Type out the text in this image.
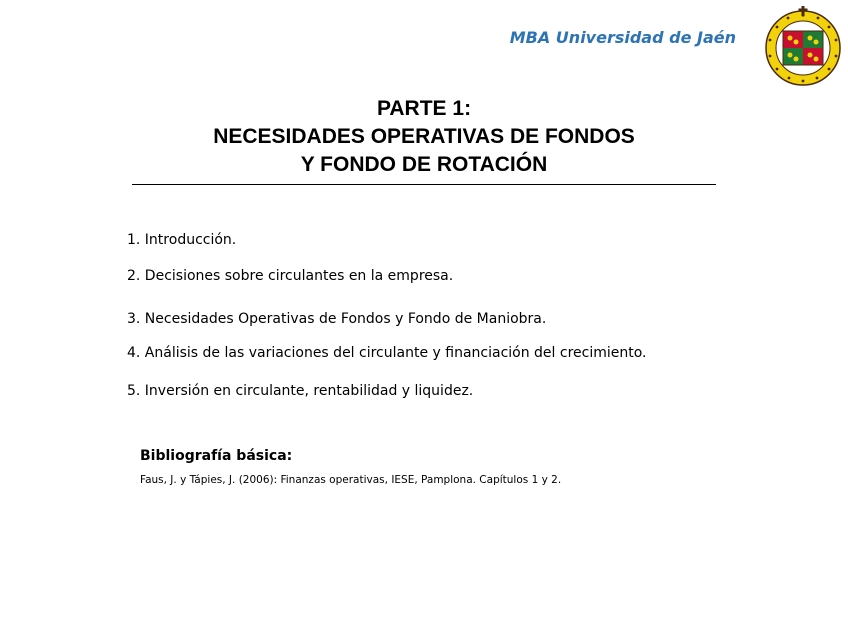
MBA Universidad de Jaén
PARTE 1:
NECESIDADES OPERATIVAS DE FONDOS
Y FONDO DE ROTACIÓN
1. Introducción.
2. Decisiones sobre circulantes en la empresa.
3. Necesidades Operativas de Fondos y Fondo de Maniobra.
4. Análisis de las variaciones del circulante y financiación del crecimiento.
5. Inversión en circulante, rentabilidad y liquidez.
Bibliografía básica:
Faus, J. y Tápies, J. (2006): Finanzas operativas, IESE, Pamplona. Capítulos 1 y 2.
